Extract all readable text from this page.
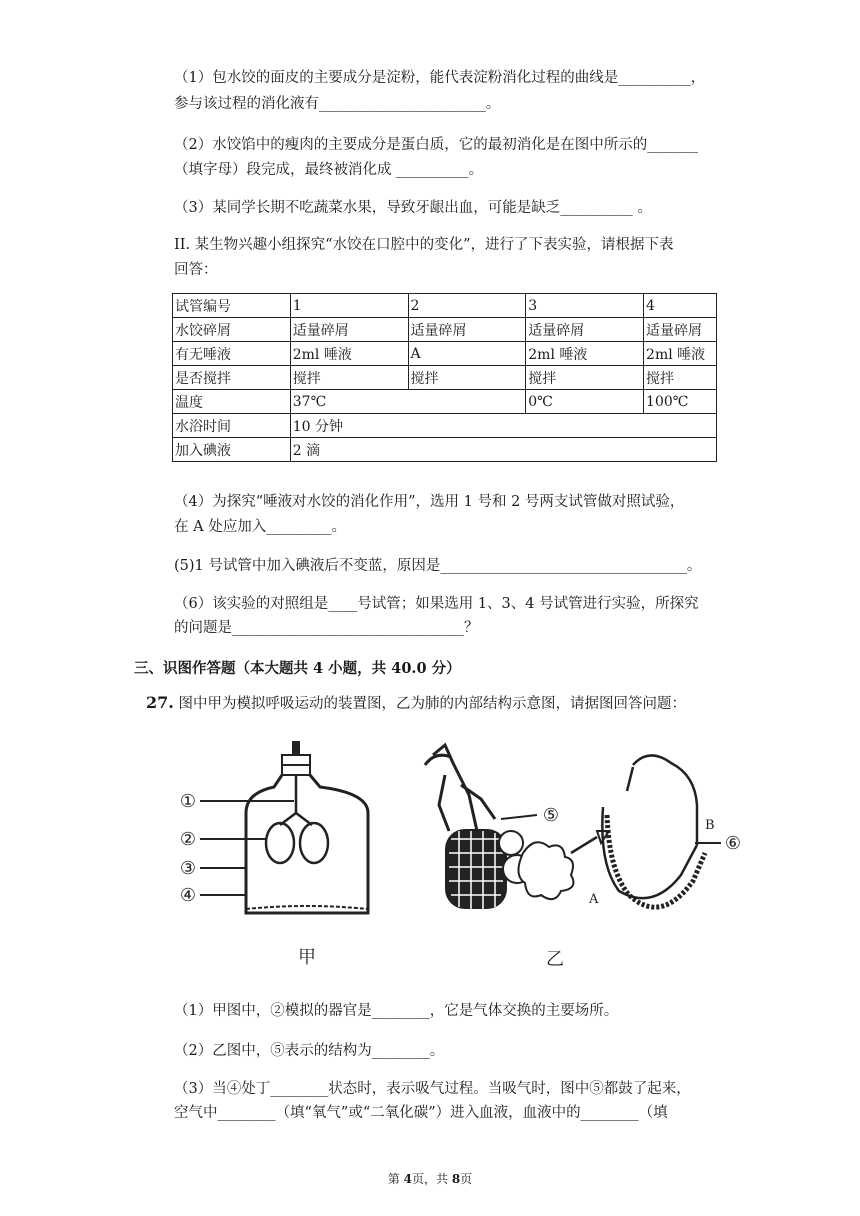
（1）包水饺的面皮的主要成分是淀粉，能代表淀粉消化过程的曲线是__________，
参与该过程的消化液有_______________________。
（2）水饺馅中的瘦肉的主要成分是蛋白质，它的最初消化是在图中所示的_______
（填字母）段完成，最终被消化成 __________。
（3）某同学长期不吃蔬菜水果，导致牙龈出血，可能是缺乏__________ 。
II. 某生物兴趣小组探究“水饺在口腔中的变化”，进行了下表实验，请根据下表
回答：
试管编号	1	2	3	4
水饺碎屑	适量碎屑	适量碎屑	适量碎屑	适量碎屑
有无唾液	2ml 唾液	A	2ml 唾液	2ml 唾液
是否搅拌	搅拌	搅拌	搅拌	搅拌
温度	37℃		0℃	100℃
水浴时间	10 分钟			
加入碘液	2 滴			
（4）为探究“唾液对水饺的消化作用”，选用 1 号和 2 号两支试管做对照试验，
在 A 处应加入_________。
(5)1 号试管中加入碘液后不变蓝，原因是__________________________________。
（6）该实验的对照组是____号试管；如果选用 1、3、4 号试管进行实验，所探究
的问题是________________________________？
三、识图作答题（本大题共 4 小题，共 40.0 分）
27. 图中甲为模拟呼吸运动的装置图，乙为肺的内部结构示意图，请据图回答问题：
①
②
③
④
甲
⑤
⑥
A
B
乙
（1）甲图中，②模拟的器官是________，它是气体交换的主要场所。
（2）乙图中，⑤表示的结构为________。
（3）当④处丁________状态时，表示吸气过程。当吸气时，图中⑤都鼓了起来，
空气中________（填“氧气”或“二氧化碳”）进入血液，血液中的________（填
第 4页，共 8页
